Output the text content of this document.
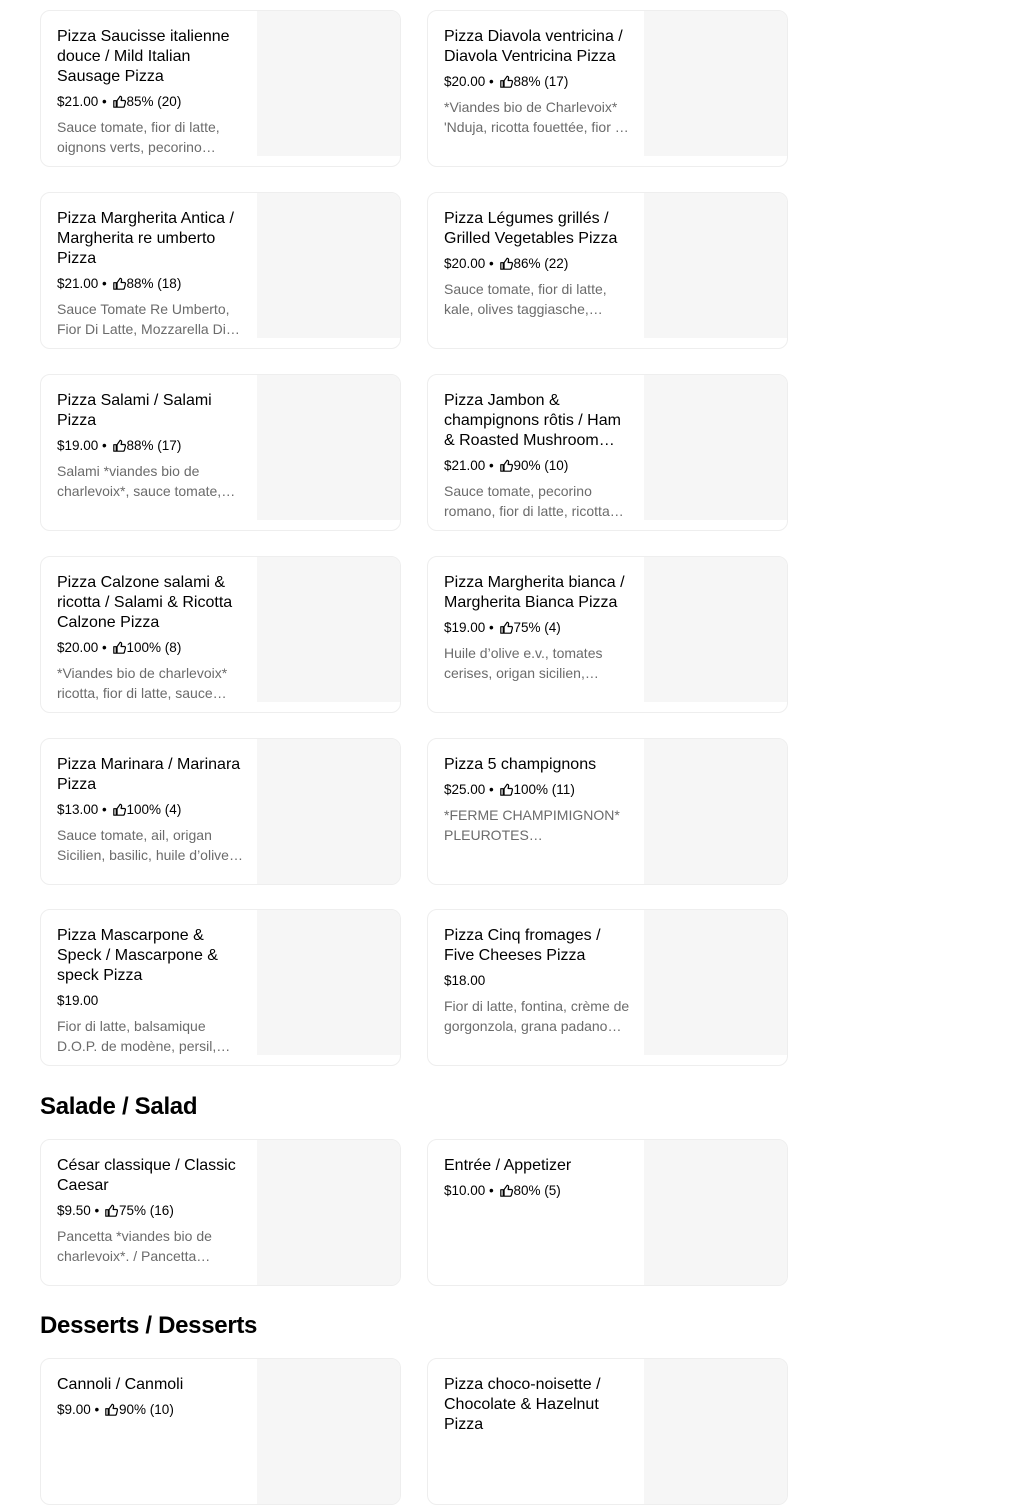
Salade / Salad
Desserts / Desserts
Pizza Saucisse italienne douce / Mild Italian Sausage Pizza
$21.00 • 85% (20)
Sauce tomate, fior di latte, oignons verts, pecorino
Pizza Diavola ventricina / Diavola Ventricina Pizza
$20.00 • 88% (17)
*Viandes bio de Charlevoix* 'Nduja, ricotta fouettée, fior di
Pizza Margherita Antica / Margherita re umberto Pizza
$21.00 • 88% (18)
Sauce Tomate Re Umberto, Fior Di Latte, Mozzarella Di
Pizza Légumes grillés / Grilled Vegetables Pizza
$20.00 • 86% (22)
Sauce tomate, fior di latte, kale, olives taggiasche,
Pizza Salami / Salami Pizza
$19.00 • 88% (17)
Salami *viandes bio de charlevoix*, sauce tomate,
Pizza Jambon & champignons rôtis / Ham & Roasted Mushroom
$21.00 • 90% (10)
Sauce tomate, pecorino romano, fior di latte, ricotta
Pizza Calzone salami & ricotta / Salami & Ricotta Calzone Pizza
$20.00 • 100% (8)
*Viandes bio de charlevoix* ricotta, fior di latte, sauce
Pizza Margherita bianca / Margherita Bianca Pizza
$19.00 • 75% (4)
Huile d’olive e.v., tomates cerises, origan sicilien,
Pizza Marinara / Marinara Pizza
$13.00 • 100% (4)
Sauce tomate, ail, origan Sicilien, basilic, huile d’olive
Pizza 5 champignons
$25.00 • 100% (11)
*FERME CHAMPIMIGNON* PLEUROTES…
Pizza Mascarpone & Speck / Mascarpone & speck Pizza
$19.00
Fior di latte, balsamique D.O.P. de modène, persil,
Pizza Cinq fromages / Five Cheeses Pizza
$18.00
Fior di latte, fontina, crème de gorgonzola, grana padano…
César classique / Classic Caesar
$9.50 • 75% (16)
Pancetta *viandes bio de charlevoix*. / Pancetta
Entrée / Appetizer
$10.00 • 80% (5)
Cannoli / Canmoli
$9.00 • 90% (10)
Pizza choco-noisette / Chocolate & Hazelnut Pizza
